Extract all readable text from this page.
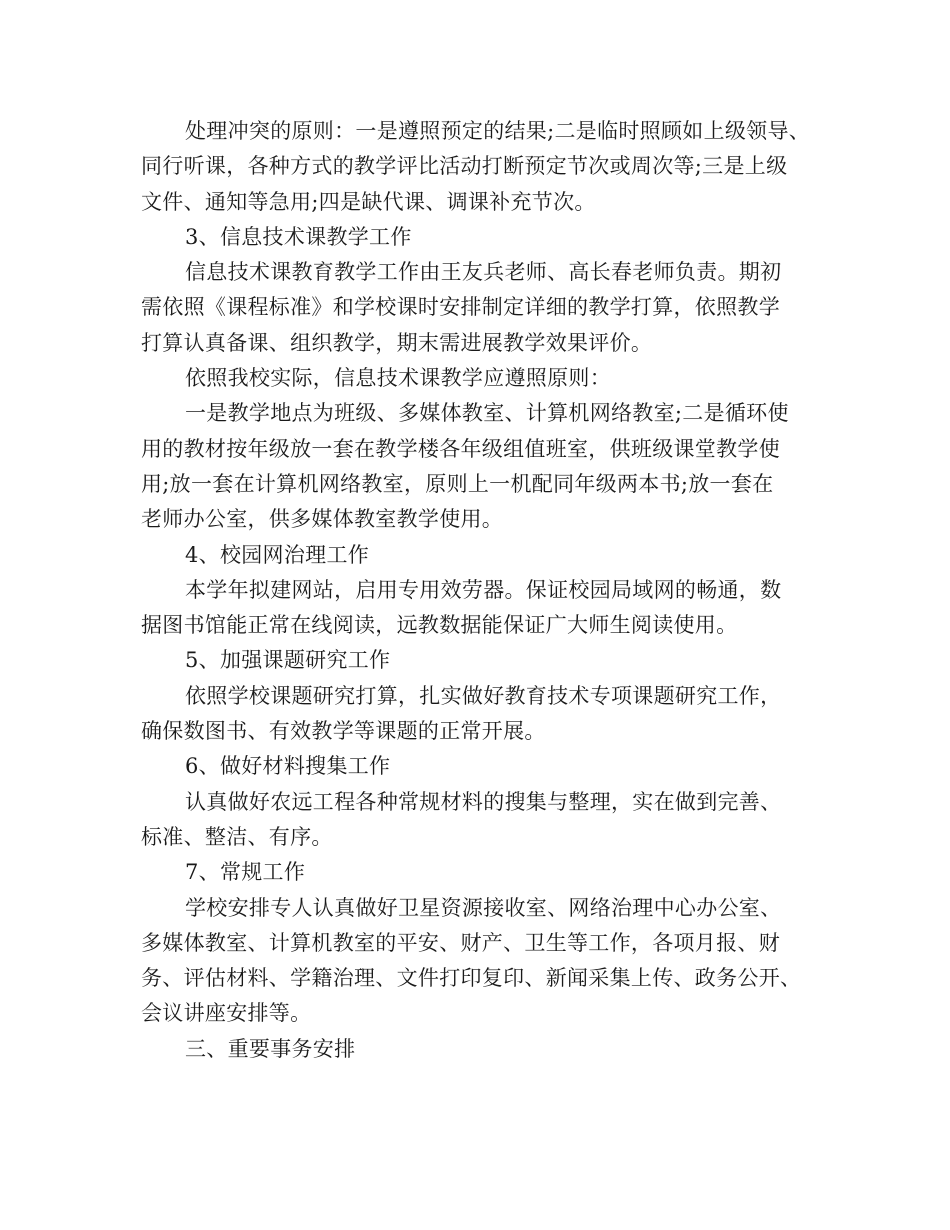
处理冲突的原则：一是遵照预定的结果;二是临时照顾如上级领导、
同行听课，各种方式的教学评比活动打断预定节次或周次等;三是上级
文件、通知等急用;四是缺代课、调课补充节次。

3、信息技术课教学工作

信息技术课教育教学工作由王友兵老师、高长春老师负责。期初
需依照《课程标准》和学校课时安排制定详细的教学打算，依照教学
打算认真备课、组织教学，期末需进展教学效果评价。

依照我校实际，信息技术课教学应遵照原则：

一是教学地点为班级、多媒体教室、计算机网络教室;二是循环使
用的教材按年级放一套在教学楼各年级组值班室，供班级课堂教学使
用;放一套在计算机网络教室，原则上一机配同年级两本书;放一套在
老师办公室，供多媒体教室教学使用。

4、校园网治理工作

本学年拟建网站，启用专用效劳器。保证校园局域网的畅通，数
据图书馆能正常在线阅读，远教数据能保证广大师生阅读使用。

5、加强课题研究工作

依照学校课题研究打算，扎实做好教育技术专项课题研究工作，
确保数图书、有效教学等课题的正常开展。

6、做好材料搜集工作

认真做好农远工程各种常规材料的搜集与整理，实在做到完善、
标准、整洁、有序。

7、常规工作

学校安排专人认真做好卫星资源接收室、网络治理中心办公室、
多媒体教室、计算机教室的平安、财产、卫生等工作，各项月报、财
务、评估材料、学籍治理、文件打印复印、新闻采集上传、政务公开、
会议讲座安排等。

三、重要事务安排
